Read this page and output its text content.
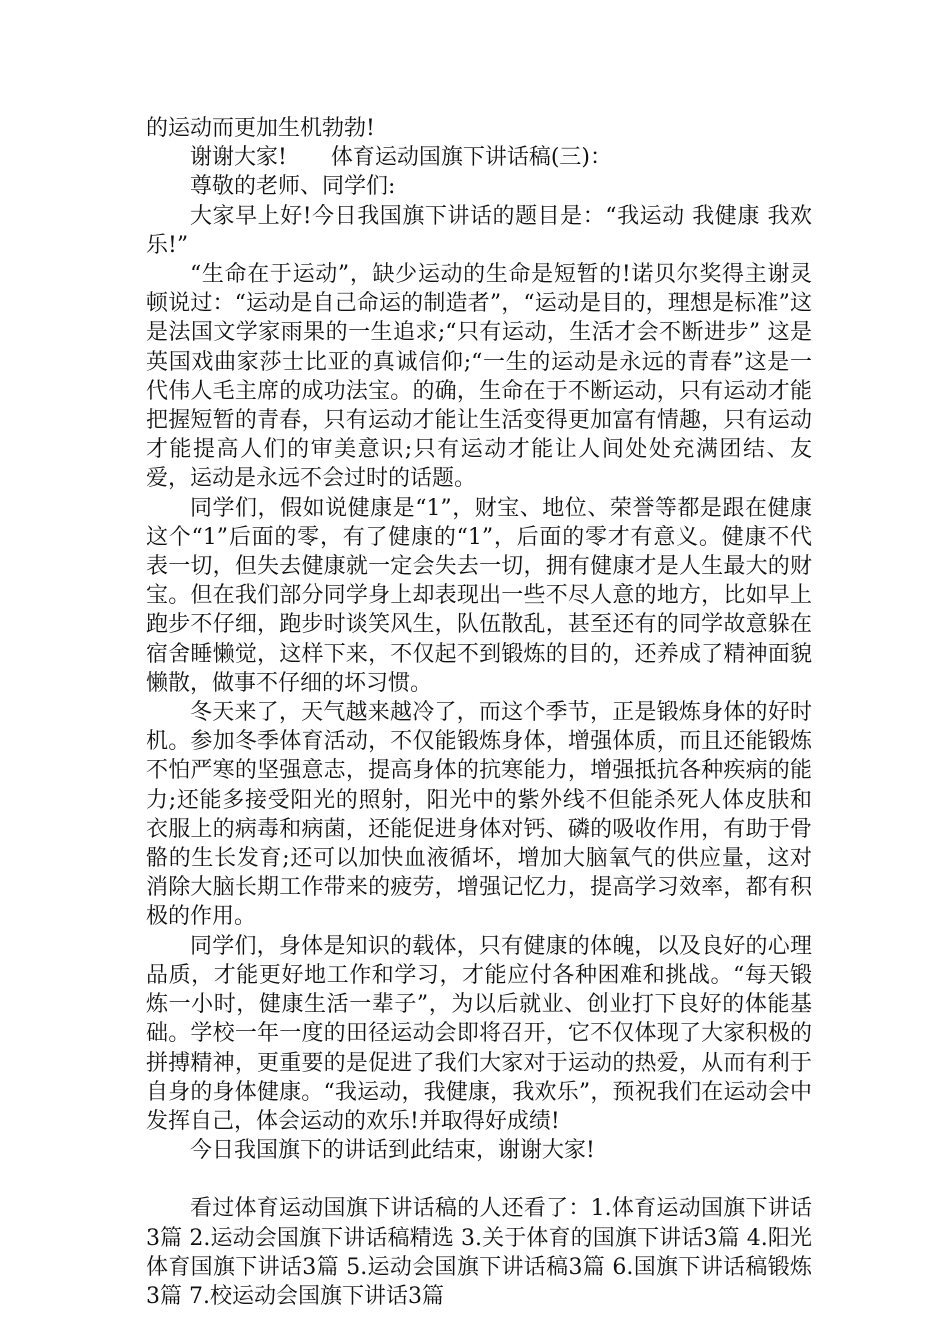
的运动而更加生机勃勃!

谢谢大家! 体育运动国旗下讲话稿(三)：

尊敬的老师、同学们:

大家早上好!今日我国旗下讲话的题目是：“我运动 我健康 我欢乐!”

“生命在于运动”，缺少运动的生命是短暂的!诺贝尔奖得主谢灵顿说过：“运动是自己命运的制造者”，“运动是目的，理想是标准”这是法国文学家雨果的一生追求;“只有运动，生活才会不断进步” 这是英国戏曲家莎士比亚的真诚信仰;“一生的运动是永远的青春”这是一代伟人毛主席的成功法宝。的确，生命在于不断运动，只有运动才能把握短暂的青春，只有运动才能让生活变得更加富有情趣，只有运动才能提高人们的审美意识;只有运动才能让人间处处充满团结、友爱，运动是永远不会过时的话题。

同学们，假如说健康是“1”，财宝、地位、荣誉等都是跟在健康这个“1”后面的零，有了健康的“1”，后面的零才有意义。健康不代表一切，但失去健康就一定会失去一切，拥有健康才是人生最大的财宝。但在我们部分同学身上却表现出一些不尽人意的地方，比如早上跑步不仔细，跑步时谈笑风生，队伍散乱，甚至还有的同学故意躲在宿舍睡懒觉，这样下来，不仅起不到锻炼的目的，还养成了精神面貌懒散，做事不仔细的坏习惯。

冬天来了，天气越来越冷了，而这个季节，正是锻炼身体的好时机。参加冬季体育活动，不仅能锻炼身体，增强体质，而且还能锻炼不怕严寒的坚强意志，提高身体的抗寒能力，增强抵抗各种疾病的能力;还能多接受阳光的照射，阳光中的紫外线不但能杀死人体皮肤和衣服上的病毒和病菌，还能促进身体对钙、磷的吸收作用，有助于骨骼的生长发育;还可以加快血液循坏，增加大脑氧气的供应量，这对消除大脑长期工作带来的疲劳，增强记忆力，提高学习效率，都有积极的作用。

同学们，身体是知识的载体，只有健康的体魄，以及良好的心理品质，才能更好地工作和学习，才能应付各种困难和挑战。“每天锻炼一小时，健康生活一辈子”，为以后就业、创业打下良好的体能基础。学校一年一度的田径运动会即将召开，它不仅体现了大家积极的拼搏精神，更重要的是促进了我们大家对于运动的热爱，从而有利于自身的身体健康。“我运动，我健康，我欢乐”，预祝我们在运动会中发挥自己，体会运动的欢乐!并取得好成绩!

今日我国旗下的讲话到此结束，谢谢大家!

看过体育运动国旗下讲话稿的人还看了：1.体育运动国旗下讲话3篇 2.运动会国旗下讲话稿精选 3.关于体育的国旗下讲话3篇 4.阳光体育国旗下讲话3篇 5.运动会国旗下讲话稿3篇 6.国旗下讲话稿锻炼3篇 7.校运动会国旗下讲话3篇
